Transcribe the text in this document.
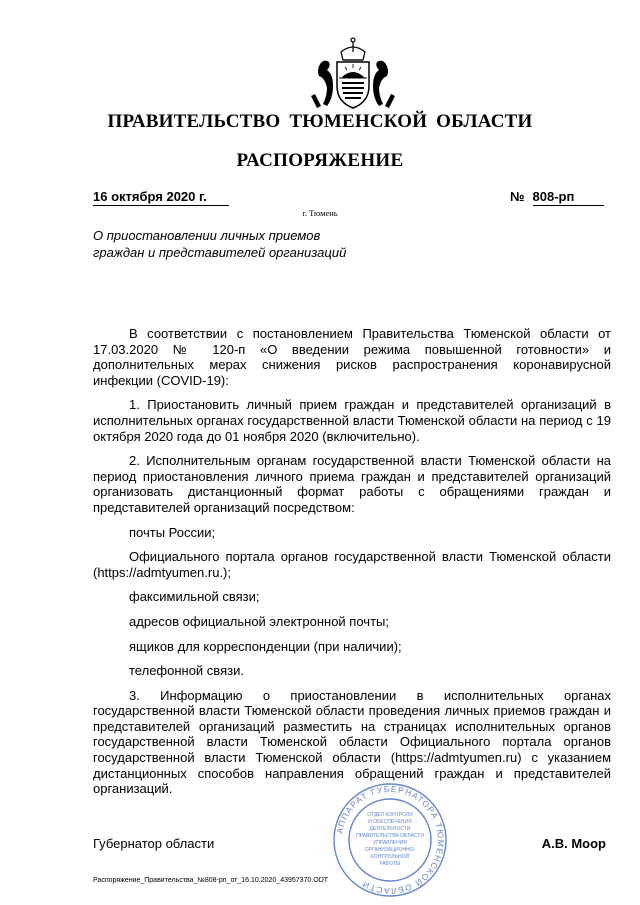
ПРАВИТЕЛЬСТВО ТЮМЕНСКОЙ ОБЛАСТИ
РАСПОРЯЖЕНИЕ
16 октября 2020 г.	№ 808-рп
г. Тюмень
О приостановлении личных приемов граждан и представителей организаций

В соответствии с постановлением Правительства Тюменской области от 17.03.2020 № 120-п «О введении режима повышенной готовности» и дополнительных мерах снижения рисков распространения коронавирусной инфекции (COVID-19):

1. Приостановить личный прием граждан и представителей организаций в исполнительных органах государственной власти Тюменской области на период с 19 октября 2020 года до 01 ноября 2020 (включительно).

2. Исполнительным органам государственной власти Тюменской области на период приостановления личного приема граждан и представителей организаций организовать дистанционный формат работы с обращениями граждан и представителей организаций посредством:

почты России;

Официального портала органов государственной власти Тюменской области (https://admtyumen.ru.);

факсимильной связи;

адресов официальной электронной почты;

ящиков для корреспонденции (при наличии);

телефонной связи.

3. Информацию о приостановлении в исполнительных органах государственной власти Тюменской области проведения личных приемов граждан и представителей организаций разместить на страницах исполнительных органов государственной власти Тюменской области Официального портала органов государственной власти Тюменской области (https://admtyumen.ru) с указанием дистанционных способов направления обращений граждан и представителей организаций.

АППАРАТ ГУБЕРНАТОРА ТЮМЕНСКОЙ ОБЛАСТИ
ОТДЕЛ КОНТРОЛЯ
И ОБЕСПЕЧЕНИЯ
ДЕЯТЕЛЬНОСТИ
ПРАВИТЕЛЬСТВА ОБЛАСТИ
УПРАВЛЕНИЯ
ОРГАНИЗАЦИОННО-
КОНТРОЛЬНОЙ
РАБОТЫ
Губернатор области	А.В. Моор
Распоряжение_Правительства_№808-рп_от_16.10.2020_43957370.ODT
